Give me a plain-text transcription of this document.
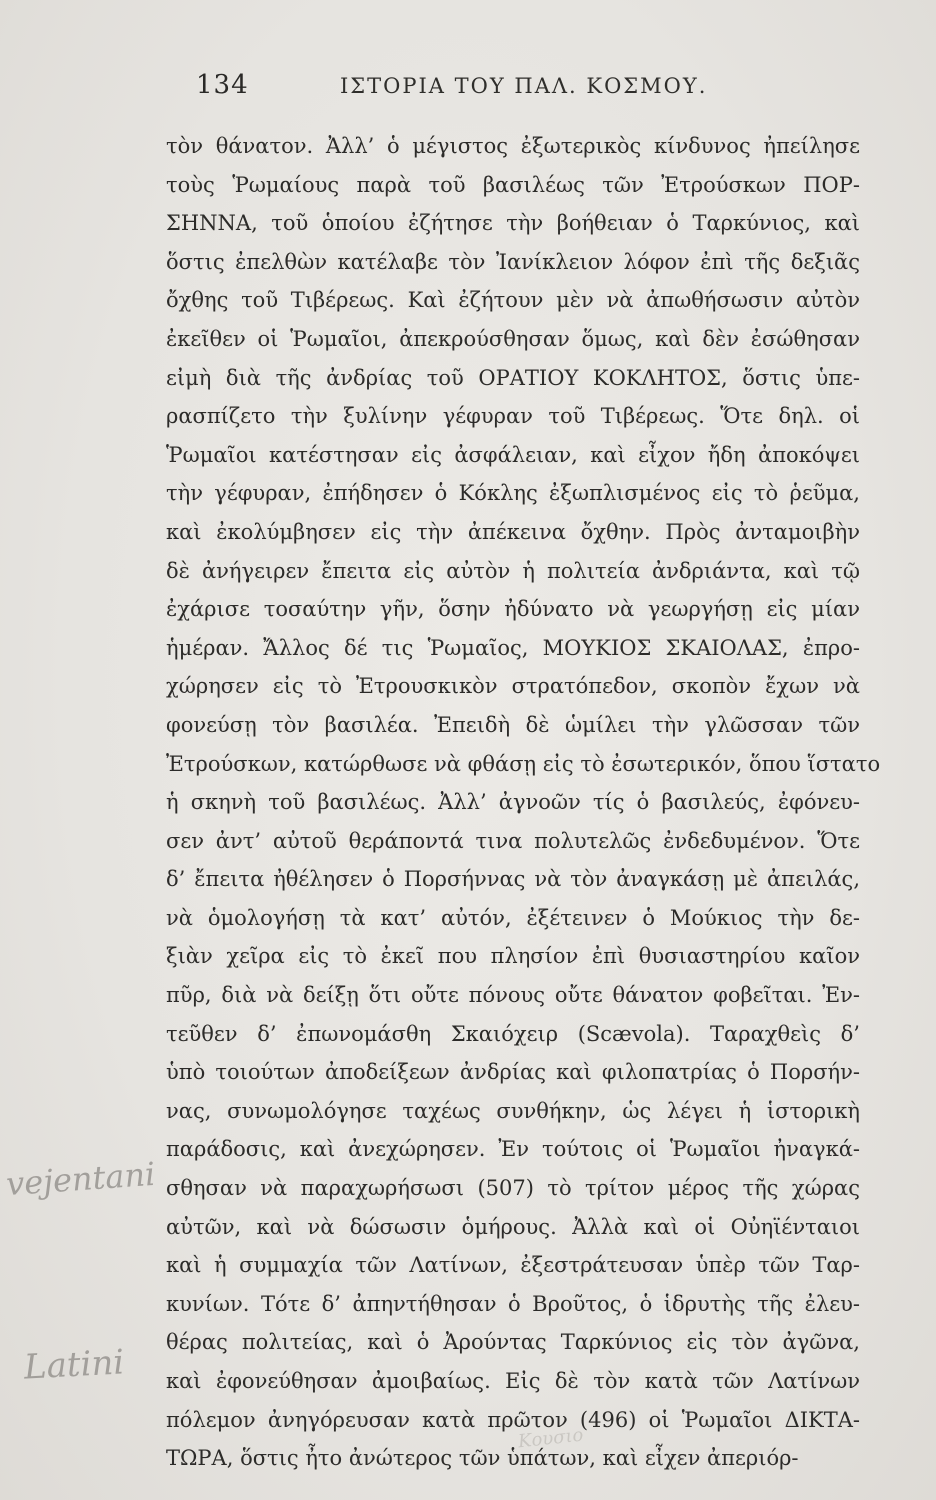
134	ΙΣΤΟΡΙΑ ΤΟΥ ΠΑΛ. ΚΟΣΜΟΥ.
τὸν θάνατον. Ἀλλ’ ὁ μέγιστος ἐξωτερικὸς κίνδυνος ἠπείλησε
τοὺς Ῥωμαίους παρὰ τοῦ βασιλέως τῶν Ἐτρούσκων ΠΟΡ-
ΣΗΝΝΑ, τοῦ ὁποίου ἐζήτησε τὴν βοήθειαν ὁ Ταρκύνιος, καὶ
ὅστις ἐπελθὼν κατέλαβε τὸν Ἰανίκλειον λόφον ἐπὶ τῆς δεξιᾶς
ὄχθης τοῦ Τιβέρεως. Καὶ ἐζήτουν μὲν νὰ ἀπωθήσωσιν αὐτὸν
ἐκεῖθεν οἱ Ῥωμαῖοι, ἀπεκρούσθησαν ὅμως, καὶ δὲν ἐσώθησαν
εἰμὴ διὰ τῆς ἀνδρίας τοῦ ΟΡΑΤΙΟΥ ΚΟΚΛΗΤΟΣ, ὅστις ὑπε-
ρασπίζετο τὴν ξυλίνην γέφυραν τοῦ Τιβέρεως. Ὅτε δηλ. οἱ
Ῥωμαῖοι κατέστησαν εἰς ἀσφάλειαν, καὶ εἶχον ἤδη ἀποκόψει
τὴν γέφυραν, ἐπήδησεν ὁ Κόκλης ἐξωπλισμένος εἰς τὸ ῥεῦμα,
καὶ ἐκολύμβησεν εἰς τὴν ἀπέκεινα ὄχθην. Πρὸς ἀνταμοιβὴν
δὲ ἀνήγειρεν ἔπειτα εἰς αὐτὸν ἡ πολιτεία ἀνδριάντα, καὶ τῷ
ἐχάρισε τοσαύτην γῆν, ὅσην ἠδύνατο νὰ γεωργήσῃ εἰς μίαν
ἡμέραν. Ἄλλος δέ τις Ῥωμαῖος, ΜΟΥΚΙΟΣ ΣΚΑΙΟΛΑΣ, ἐπρο-
χώρησεν εἰς τὸ Ἐτρουσκικὸν στρατόπεδον, σκοπὸν ἔχων νὰ
φονεύσῃ τὸν βασιλέα. Ἐπειδὴ δὲ ὡμίλει τὴν γλῶσσαν τῶν
Ἐτρούσκων, κατώρθωσε νὰ φθάσῃ εἰς τὸ ἐσωτερικόν, ὅπου ἵστατο
ἡ σκηνὴ τοῦ βασιλέως. Ἀλλ’ ἀγνοῶν τίς ὁ βασιλεύς, ἐφόνευ-
σεν ἀντ’ αὐτοῦ θεράποντά τινα πολυτελῶς ἐνδεδυμένον. Ὅτε
δ’ ἔπειτα ἠθέλησεν ὁ Πορσήννας νὰ τὸν ἀναγκάσῃ μὲ ἀπειλάς,
νὰ ὁμολογήσῃ τὰ κατ’ αὐτόν, ἐξέτεινεν ὁ Μούκιος τὴν δε-
ξιὰν χεῖρα εἰς τὸ ἐκεῖ που πλησίον ἐπὶ θυσιαστηρίου καῖον
πῦρ, διὰ νὰ δείξῃ ὅτι οὔτε πόνους οὔτε θάνατον φοβεῖται. Ἐν-
τεῦθεν δ’ ἐπωνομάσθη Σκαιόχειρ (Scævola). Ταραχθεὶς δ’
ὑπὸ τοιούτων ἀποδείξεων ἀνδρίας καὶ φιλοπατρίας ὁ Πορσήν-
νας, συνωμολόγησε ταχέως συνθήκην, ὡς λέγει ἡ ἱστορικὴ
παράδοσις, καὶ ἀνεχώρησεν. Ἐν τούτοις οἱ Ῥωμαῖοι ἠναγκά-
σθησαν νὰ παραχωρήσωσι (507) τὸ τρίτον μέρος τῆς χώρας
αὐτῶν, καὶ νὰ δώσωσιν ὁμήρους. Ἀλλὰ καὶ οἱ Οὐηϊένταιοι
καὶ ἡ συμμαχία τῶν Λατίνων, ἐξεστράτευσαν ὑπὲρ τῶν Ταρ-
κυνίων. Τότε δ’ ἀπηντήθησαν ὁ Βροῦτος, ὁ ἱδρυτὴς τῆς ἐλευ-
θέρας πολιτείας, καὶ ὁ Ἀρούντας Ταρκύνιος εἰς τὸν ἀγῶνα,
καὶ ἐφονεύθησαν ἀμοιβαίως. Εἰς δὲ τὸν κατὰ τῶν Λατίνων
πόλεμον ἀνηγόρευσαν κατὰ πρῶτον (496) οἱ Ῥωμαῖοι ΔΙΚΤΑ-
ΤΩΡΑ, ὅστις ἦτο ἀνώτερος τῶν ὑπάτων, καὶ εἶχεν ἀπεριόρ-
vejentani
Latini
Κουσιο
